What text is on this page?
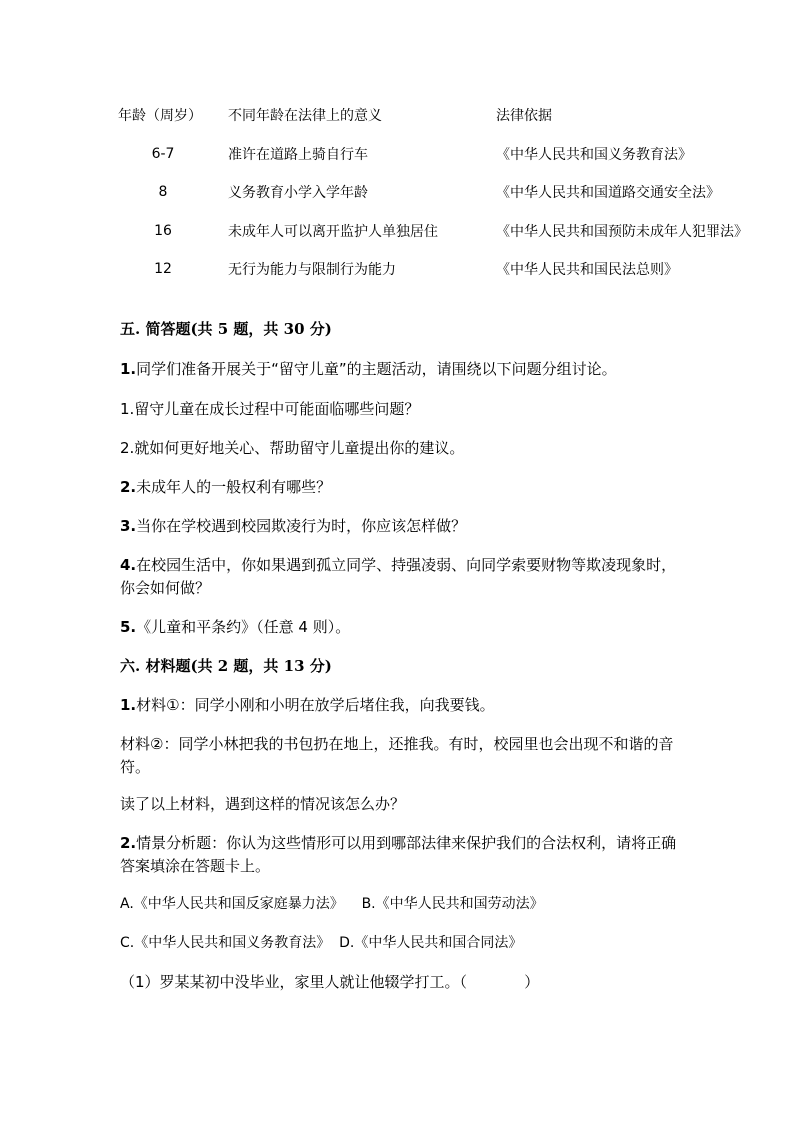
年龄（周岁）	不同年龄在法律上的意义	法律依据
6-7	准许在道路上骑自行车	《中华人民共和国义务教育法》
8	义务教育小学入学年龄	《中华人民共和国道路交通安全法》
16	未成年人可以离开监护人单独居住	《中华人民共和国预防未成年人犯罪法》
12	无行为能力与限制行为能力	《中华人民共和国民法总则》
五. 简答题(共 5 题，共 30 分)
1.同学们准备开展关于“留守儿童”的主题活动，请围绕以下问题分组讨论。
1.留守儿童在成长过程中可能面临哪些问题？
2.就如何更好地关心、帮助留守儿童提出你的建议。
2.未成年人的一般权利有哪些？
3.当你在学校遇到校园欺凌行为时，你应该怎样做？
4.在校园生活中，你如果遇到孤立同学、持强凌弱、向同学索要财物等欺凌现象时，你会如何做？
5.《儿童和平条约》（任意 4 则）。
六. 材料题(共 2 题，共 13 分)
1.材料①：同学小刚和小明在放学后堵住我，向我要钱。
材料②：同学小林把我的书包扔在地上，还推我。有时，校园里也会出现不和谐的音符。
读了以上材料，遇到这样的情况该怎么办？
2.情景分析题：你认为这些情形可以用到哪部法律来保护我们的合法权利，请将正确答案填涂在答题卡上。
A.《中华人民共和国反家庭暴力法》    B.《中华人民共和国劳动法》
C.《中华人民共和国义务教育法》  D.《中华人民共和国合同法》
（1）罗某某初中没毕业，家里人就让他辍学打工。（            ）
